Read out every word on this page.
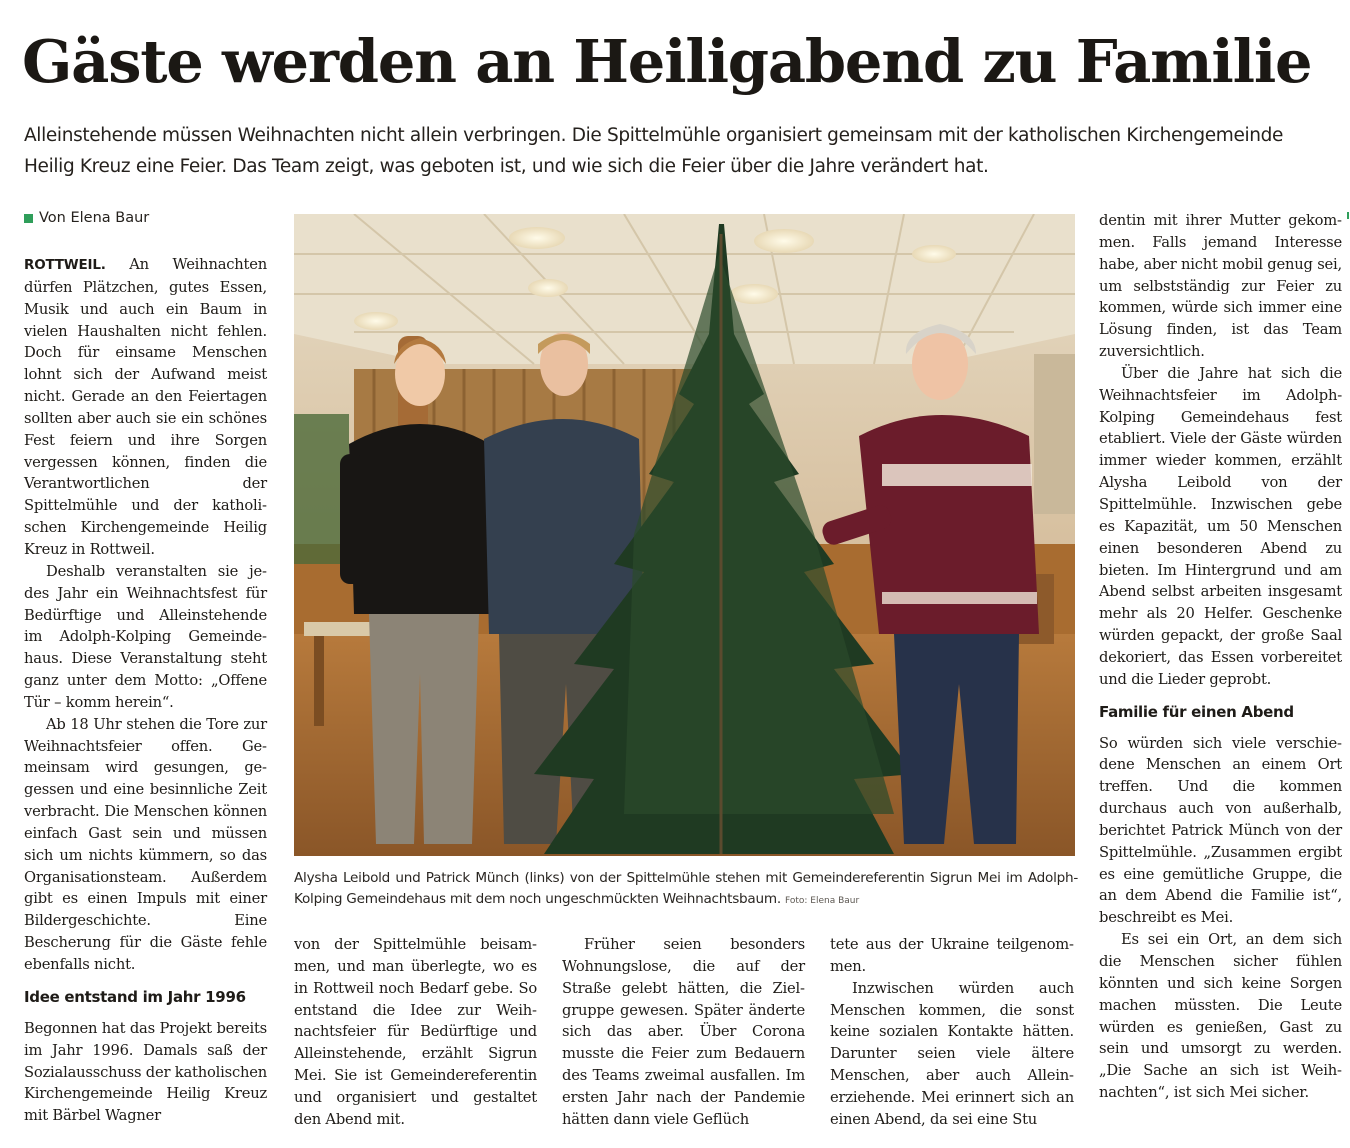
Gäste werden an Heiligabend zu Familie

Alleinstehende müssen Weihnachten nicht allein verbringen. Die Spittelmühle organisiert gemeinsam mit der katholischen Kirchengemeinde Heilig Kreuz eine Feier. Das Team zeigt, was geboten ist, und wie sich die Feier über die Jahre verändert hat.

Von Elena Baur

ROTTWEIL. An Weihnachten dürfen Plätzchen, gutes Essen, Musik und auch ein Baum in vielen Haushalten nicht fehlen. Doch für einsame Menschen lohnt sich der Aufwand meist nicht. Gerade an den Feiertagen sollten aber auch sie ein schönes Fest feiern und ihre Sorgen vergessen können, finden die Verantwortlichen der Spittelmühle und der katholischen Kirchengemeinde Heilig Kreuz in Rottweil.

Deshalb veranstalten sie jedes Jahr ein Weihnachtsfest für Bedürftige und Alleinstehende im Adolph-Kolping Gemeindehaus. Diese Veranstaltung steht ganz unter dem Motto: „Offene Tür – komm herein“.

Ab 18 Uhr stehen die Tore zur Weihnachtsfeier offen. Gemeinsam wird gesungen, gegessen und eine besinnliche Zeit verbracht. Die Menschen können einfach Gast sein und müssen sich um nichts kümmern, so das Organisationsteam. Außerdem gibt es einen Impuls mit einer Bildergeschichte. Eine Bescherung für die Gäste fehle ebenfalls nicht.

Idee entstand im Jahr 1996

Begonnen hat das Projekt bereits im Jahr 1996. Damals saß der Sozialausschuss der katholischen Kirchengemeinde Heilig Kreuz mit Bärbel Wagner

Alysha Leibold und Patrick Münch (links) von der Spittelmühle stehen mit Gemeindereferentin Sigrun Mei im Adolph-Kolping Gemeindehaus mit dem noch ungeschmückten Weihnachtsbaum. Foto: Elena Baur

von der Spittelmühle beisammen, und man überlegte, wo es in Rottweil noch Bedarf gebe. So entstand die Idee zur Weihnachtsfeier für Bedürftige und Alleinstehende, erzählt Sigrun Mei. Sie ist Gemeindereferentin und organisiert und gestaltet den Abend mit.

Früher seien besonders Wohnungslose, die auf der Straße gelebt hätten, die Zielgruppe gewesen. Später änderte sich das aber. Über Corona musste die Feier zum Bedauern des Teams zweimal ausfallen. Im ersten Jahr nach der Pandemie hätten dann viele Geflüch

tete aus der Ukraine teilgenommen.

Inzwischen würden auch Menschen kommen, die sonst keine sozialen Kontakte hätten. Darunter seien viele ältere Menschen, aber auch Alleinerziehende. Mei erinnert sich an einen Abend, da sei eine Stu

dentin mit ihrer Mutter gekommen. Falls jemand Interesse habe, aber nicht mobil genug sei, um selbstständig zur Feier zu kommen, würde sich immer eine Lösung finden, ist das Team zuversichtlich.

Über die Jahre hat sich die Weihnachtsfeier im Adolph-Kolping Gemeindehaus fest etabliert. Viele der Gäste würden immer wieder kommen, erzählt Alysha Leibold von der Spittelmühle. Inzwischen gebe es Kapazität, um 50 Menschen einen besonderen Abend zu bieten. Im Hintergrund und am Abend selbst arbeiten insgesamt mehr als 20 Helfer. Geschenke würden gepackt, der große Saal dekoriert, das Essen vorbereitet und die Lieder geprobt.

Familie für einen Abend

So würden sich viele verschiedene Menschen an einem Ort treffen. Und die kommen durchaus auch von außerhalb, berichtet Patrick Münch von der Spittelmühle. „Zusammen ergibt es eine gemütliche Gruppe, die an dem Abend die Familie ist“, beschreibt es Mei.

Es sei ein Ort, an dem sich die Menschen sicher fühlen könnten und sich keine Sorgen machen müssten. Die Leute würden es genießen, Gast zu sein und umsorgt zu werden. „Die Sache an sich ist Weihnachten“, ist sich Mei sicher.
